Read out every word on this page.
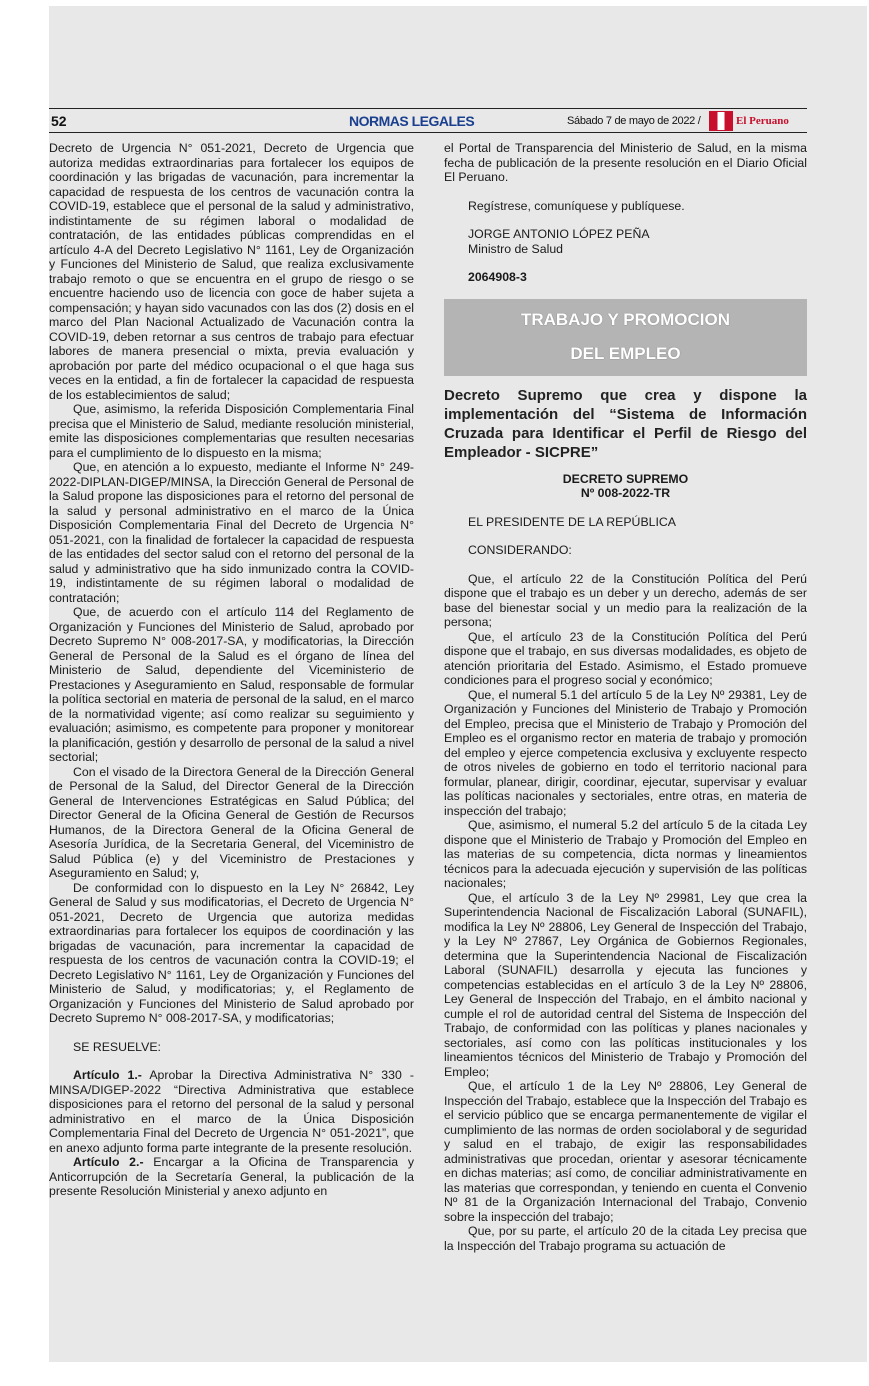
52	NORMAS LEGALES	Sábado 7 de mayo de 2022 /	El Peruano

Decreto de Urgencia N° 051-2021, Decreto de Urgencia que autoriza medidas extraordinarias para fortalecer los equipos de coordinación y las brigadas de vacunación, para incrementar la capacidad de respuesta de los centros de vacunación contra la COVID-19, establece que el personal de la salud y administrativo, indistintamente de su régimen laboral o modalidad de contratación, de las entidades públicas comprendidas en el artículo 4-A del Decreto Legislativo N° 1161, Ley de Organización y Funciones del Ministerio de Salud, que realiza exclusivamente trabajo remoto o que se encuentra en el grupo de riesgo o se encuentre haciendo uso de licencia con goce de haber sujeta a compensación; y hayan sido vacunados con las dos (2) dosis en el marco del Plan Nacional Actualizado de Vacunación contra la COVID-19, deben retornar a sus centros de trabajo para efectuar labores de manera presencial o mixta, previa evaluación y aprobación por parte del médico ocupacional o el que haga sus veces en la entidad, a fin de fortalecer la capacidad de respuesta de los establecimientos de salud;

Que, asimismo, la referida Disposición Complementaria Final precisa que el Ministerio de Salud, mediante resolución ministerial, emite las disposiciones complementarias que resulten necesarias para el cumplimiento de lo dispuesto en la misma;

Que, en atención a lo expuesto, mediante el Informe N° 249-2022-DIPLAN-DIGEP/MINSA, la Dirección General de Personal de la Salud propone las disposiciones para el retorno del personal de la salud y personal administrativo en el marco de la Única Disposición Complementaria Final del Decreto de Urgencia N° 051-2021, con la finalidad de fortalecer la capacidad de respuesta de las entidades del sector salud con el retorno del personal de la salud y administrativo que ha sido inmunizado contra la COVID-19, indistintamente de su régimen laboral o modalidad de contratación;

Que, de acuerdo con el artículo 114 del Reglamento de Organización y Funciones del Ministerio de Salud, aprobado por Decreto Supremo N° 008-2017-SA, y modificatorias, la Dirección General de Personal de la Salud es el órgano de línea del Ministerio de Salud, dependiente del Viceministerio de Prestaciones y Aseguramiento en Salud, responsable de formular la política sectorial en materia de personal de la salud, en el marco de la normatividad vigente; así como realizar su seguimiento y evaluación; asimismo, es competente para proponer y monitorear la planificación, gestión y desarrollo de personal de la salud a nivel sectorial;

Con el visado de la Directora General de la Dirección General de Personal de la Salud, del Director General de la Dirección General de Intervenciones Estratégicas en Salud Pública; del Director General de la Oficina General de Gestión de Recursos Humanos, de la Directora General de la Oficina General de Asesoría Jurídica, de la Secretaria General, del Viceministro de Salud Pública (e) y del Viceministro de Prestaciones y Aseguramiento en Salud; y,

De conformidad con lo dispuesto en la Ley N° 26842, Ley General de Salud y sus modificatorias, el Decreto de Urgencia N° 051-2021, Decreto de Urgencia que autoriza medidas extraordinarias para fortalecer los equipos de coordinación y las brigadas de vacunación, para incrementar la capacidad de respuesta de los centros de vacunación contra la COVID-19; el Decreto Legislativo N° 1161, Ley de Organización y Funciones del Ministerio de Salud, y modificatorias; y, el Reglamento de Organización y Funciones del Ministerio de Salud aprobado por Decreto Supremo N° 008-2017-SA, y modificatorias;

SE RESUELVE:

Artículo 1.- Aprobar la Directiva Administrativa N° 330 -MINSA/DIGEP-2022 “Directiva Administrativa que establece disposiciones para el retorno del personal de la salud y personal administrativo en el marco de la Única Disposición Complementaria Final del Decreto de Urgencia N° 051-2021”, que en anexo adjunto forma parte integrante de la presente resolución.

Artículo 2.- Encargar a la Oficina de Transparencia y Anticorrupción de la Secretaría General, la publicación de la presente Resolución Ministerial y anexo adjunto en

el Portal de Transparencia del Ministerio de Salud, en la misma fecha de publicación de la presente resolución en el Diario Oficial El Peruano.

Regístrese, comuníquese y publíquese.

JORGE ANTONIO LÓPEZ PEÑA

Ministro de Salud

2064908-3

TRABAJO Y PROMOCION
DEL EMPLEO
Decreto Supremo que crea y dispone la implementación del “Sistema de Información Cruzada para Identificar el Perfil de Riesgo del Empleador - SICPRE”

DECRETO SUPREMO

Nº 008-2022-TR

EL PRESIDENTE DE LA REPÚBLICA

CONSIDERANDO:

Que, el artículo 22 de la Constitución Política del Perú dispone que el trabajo es un deber y un derecho, además de ser base del bienestar social y un medio para la realización de la persona;

Que, el artículo 23 de la Constitución Política del Perú dispone que el trabajo, en sus diversas modalidades, es objeto de atención prioritaria del Estado. Asimismo, el Estado promueve condiciones para el progreso social y económico;

Que, el numeral 5.1 del artículo 5 de la Ley Nº 29381, Ley de Organización y Funciones del Ministerio de Trabajo y Promoción del Empleo, precisa que el Ministerio de Trabajo y Promoción del Empleo es el organismo rector en materia de trabajo y promoción del empleo y ejerce competencia exclusiva y excluyente respecto de otros niveles de gobierno en todo el territorio nacional para formular, planear, dirigir, coordinar, ejecutar, supervisar y evaluar las políticas nacionales y sectoriales, entre otras, en materia de inspección del trabajo;

Que, asimismo, el numeral 5.2 del artículo 5 de la citada Ley dispone que el Ministerio de Trabajo y Promoción del Empleo en las materias de su competencia, dicta normas y lineamientos técnicos para la adecuada ejecución y supervisión de las políticas nacionales;

Que, el artículo 3 de la Ley Nº 29981, Ley que crea la Superintendencia Nacional de Fiscalización Laboral (SUNAFIL), modifica la Ley Nº 28806, Ley General de Inspección del Trabajo, y la Ley Nº 27867, Ley Orgánica de Gobiernos Regionales, determina que la Superintendencia Nacional de Fiscalización Laboral (SUNAFIL) desarrolla y ejecuta las funciones y competencias establecidas en el artículo 3 de la Ley Nº 28806, Ley General de Inspección del Trabajo, en el ámbito nacional y cumple el rol de autoridad central del Sistema de Inspección del Trabajo, de conformidad con las políticas y planes nacionales y sectoriales, así como con las políticas institucionales y los lineamientos técnicos del Ministerio de Trabajo y Promoción del Empleo;

Que, el artículo 1 de la Ley Nº 28806, Ley General de Inspección del Trabajo, establece que la Inspección del Trabajo es el servicio público que se encarga permanentemente de vigilar el cumplimiento de las normas de orden sociolaboral y de seguridad y salud en el trabajo, de exigir las responsabilidades administrativas que procedan, orientar y asesorar técnicamente en dichas materias; así como, de conciliar administrativamente en las materias que correspondan, y teniendo en cuenta el Convenio Nº 81 de la Organización Internacional del Trabajo, Convenio sobre la inspección del trabajo;

Que, por su parte, el artículo 20 de la citada Ley precisa que la Inspección del Trabajo programa su actuación de
